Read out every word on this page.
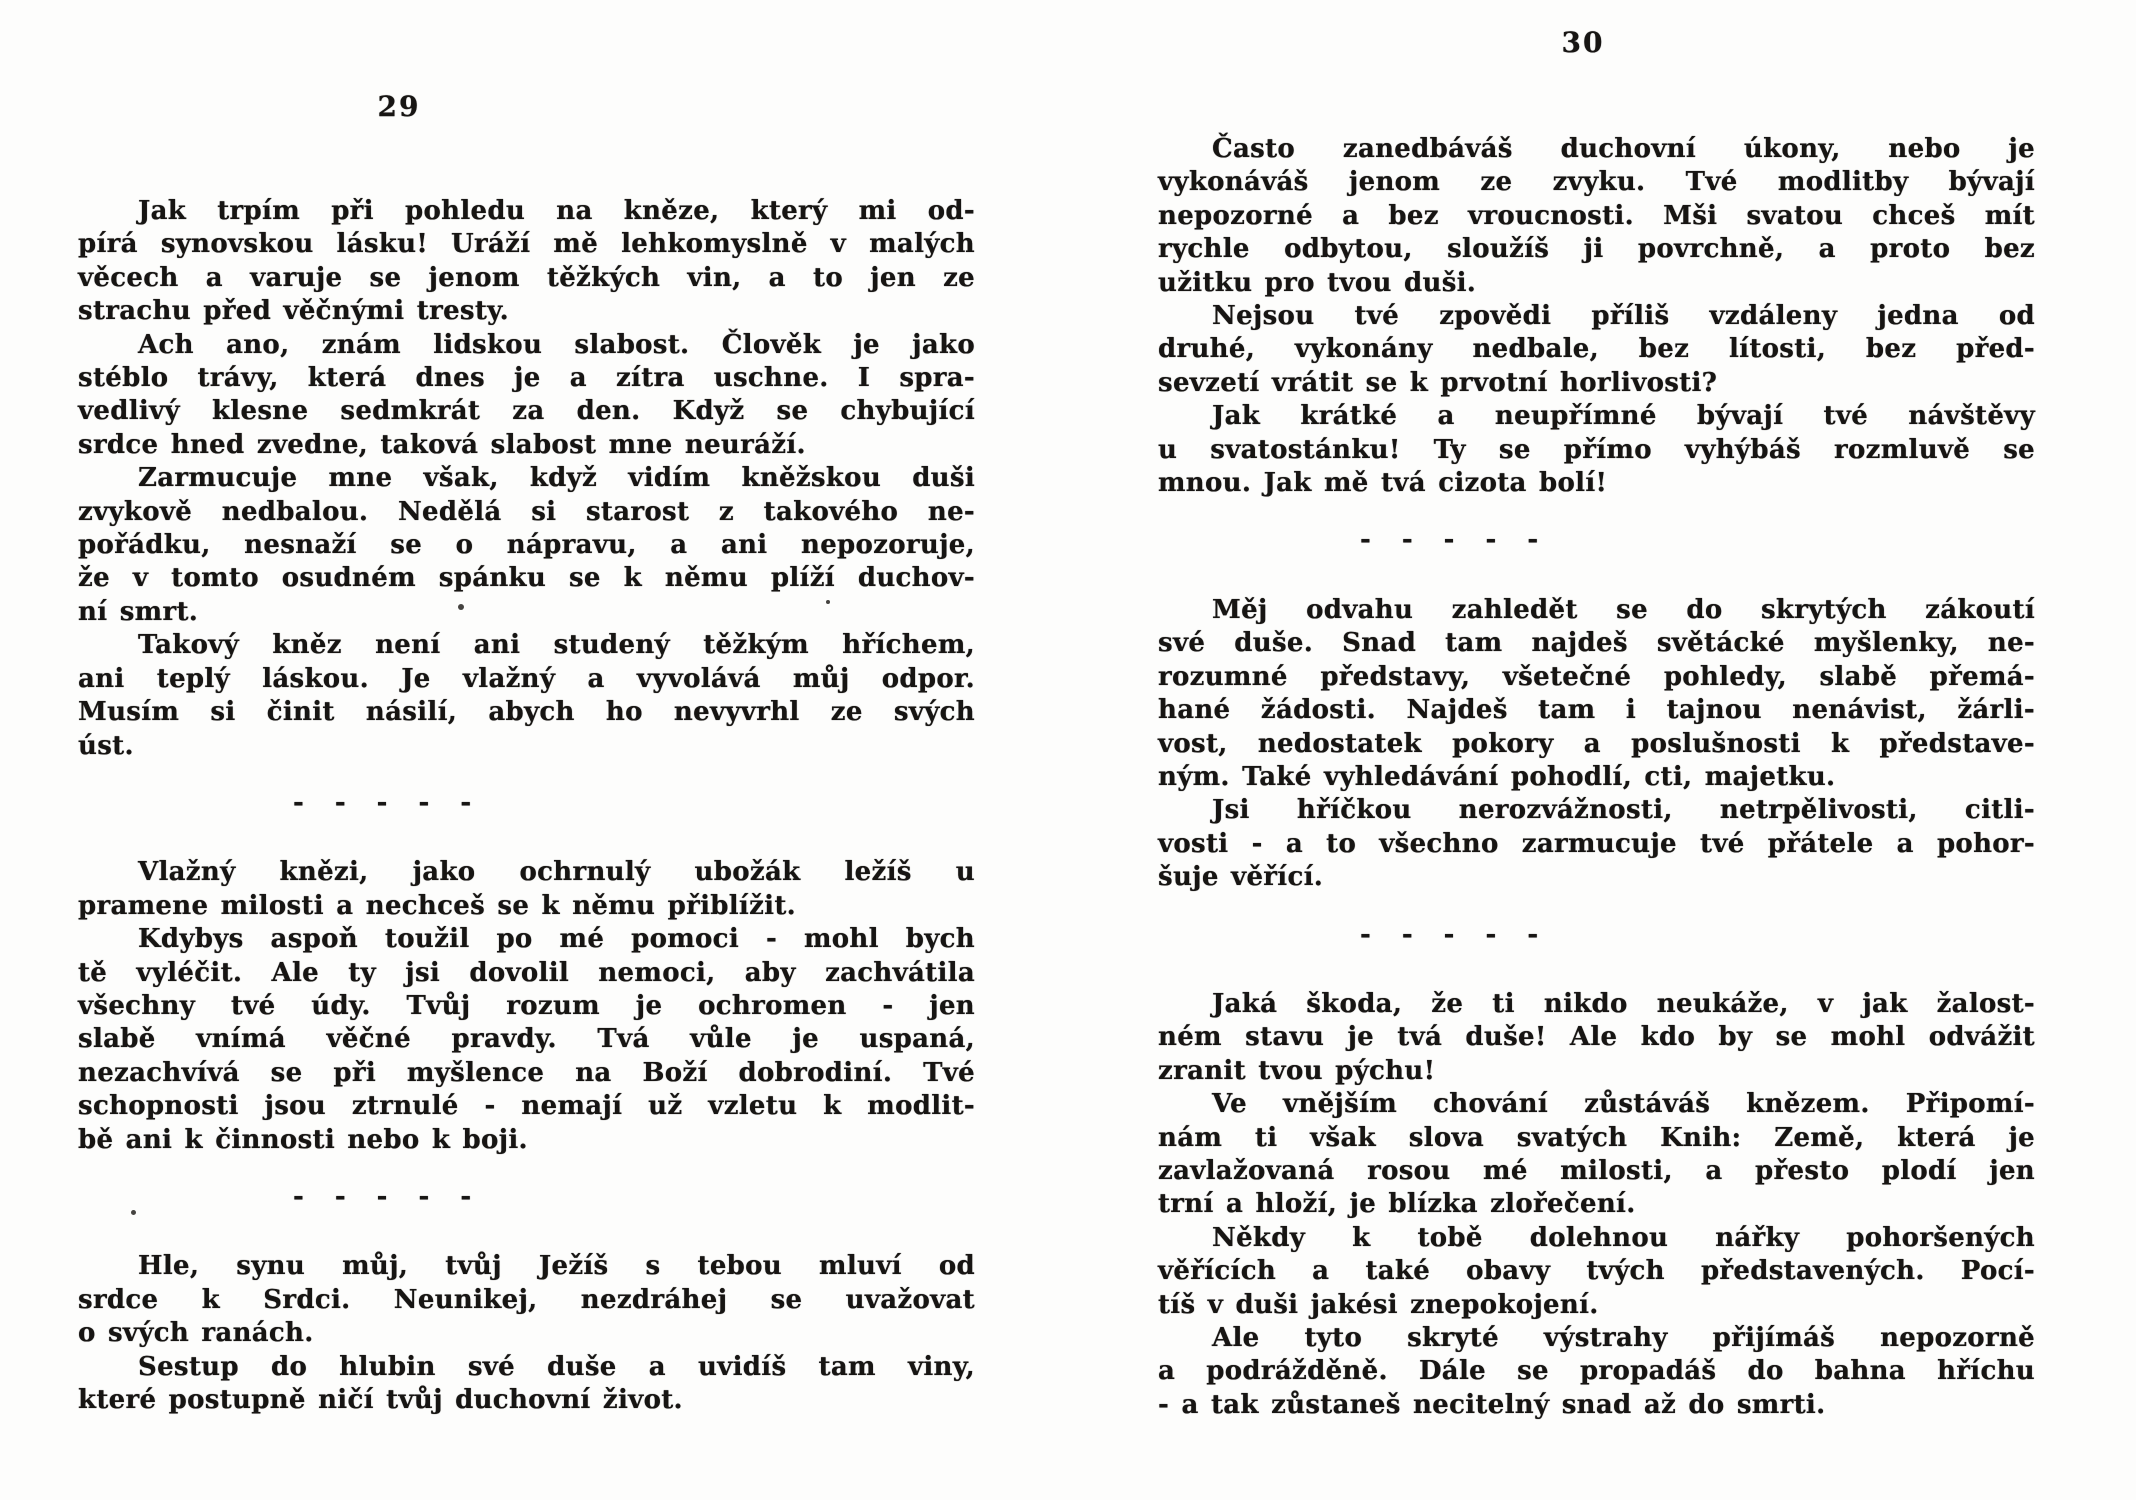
29
30
Jak trpím při pohledu na kněze, který mi od-
pírá synovskou lásku! Uráží mě lehkomyslně v malých
věcech a varuje se jenom těžkých vin, a to jen ze
strachu před věčnými tresty.
Ach ano, znám lidskou slabost. Člověk je jako
stéblo trávy, která dnes je a zítra uschne. I spra-
vedlivý klesne sedmkrát za den. Když se chybující
srdce hned zvedne, taková slabost mne neuráží.
Zarmucuje mne však, když vidím kněžskou duši
zvykově nedbalou. Nedělá si starost z takového ne-
pořádku, nesnaží se o nápravu, a ani nepozoruje,
že v tomto osudném spánku se k němu plíží duchov-
ní smrt.
Takový kněz není ani studený těžkým hříchem,
ani teplý láskou. Je vlažný a vyvolává můj odpor.
Musím si činit násilí, abych ho nevyvrhl ze svých
úst.
- - - - -
Vlažný knězi, jako ochrnulý ubožák ležíš u
pramene milosti a nechceš se k němu přiblížit.
Kdybys aspoň toužil po mé pomoci - mohl bych
tě vyléčit. Ale ty jsi dovolil nemoci, aby zachvátila
všechny tvé údy. Tvůj rozum je ochromen - jen
slabě vnímá věčné pravdy. Tvá vůle je uspaná,
nezachvívá se při myšlence na Boží dobrodiní. Tvé
schopnosti jsou ztrnulé - nemají už vzletu k modlit-
bě ani k činnosti nebo k boji.
- - - - -
Hle, synu můj, tvůj Ježíš s tebou mluví od
srdce k Srdci. Neunikej, nezdráhej se uvažovat
o svých ranách.
Sestup do hlubin své duše a uvidíš tam viny,
které postupně ničí tvůj duchovní život.
Často zanedbáváš duchovní úkony, nebo je
vykonáváš jenom ze zvyku. Tvé modlitby bývají
nepozorné a bez vroucnosti. Mši svatou chceš mít
rychle odbytou, sloužíš ji povrchně, a proto bez
užitku pro tvou duši.
Nejsou tvé zpovědi příliš vzdáleny jedna od
druhé, vykonány nedbale, bez lítosti, bez před-
sevzetí vrátit se k prvotní horlivosti?
Jak krátké a neupřímné bývají tvé návštěvy
u svatostánku! Ty se přímo vyhýbáš rozmluvě se
mnou. Jak mě tvá cizota bolí!
- - - - -
Měj odvahu zahledět se do skrytých zákoutí
své duše. Snad tam najdeš světácké myšlenky, ne-
rozumné představy, všetečné pohledy, slabě přemá-
hané žádosti. Najdeš tam i tajnou nenávist, žárli-
vost, nedostatek pokory a poslušnosti k představe-
ným. Také vyhledávání pohodlí, cti, majetku.
Jsi hříčkou nerozvážnosti, netrpělivosti, citli-
vosti - a to všechno zarmucuje tvé přátele a pohor-
šuje věřící.
- - - - -
Jaká škoda, že ti nikdo neukáže, v jak žalost-
ném stavu je tvá duše! Ale kdo by se mohl odvážit
zranit tvou pýchu!
Ve vnějším chování zůstáváš knězem. Připomí-
nám ti však slova svatých Knih: Země, která je
zavlažovaná rosou mé milosti, a přesto plodí jen
trní a hloží, je blízka zlořečení.
Někdy k tobě dolehnou nářky pohoršených
věřících a také obavy tvých představených. Pocí-
tíš v duši jakési znepokojení.
Ale tyto skryté výstrahy přijímáš nepozorně
a podrážděně. Dále se propadáš do bahna hříchu
- a tak zůstaneš necitelný snad až do smrti.
